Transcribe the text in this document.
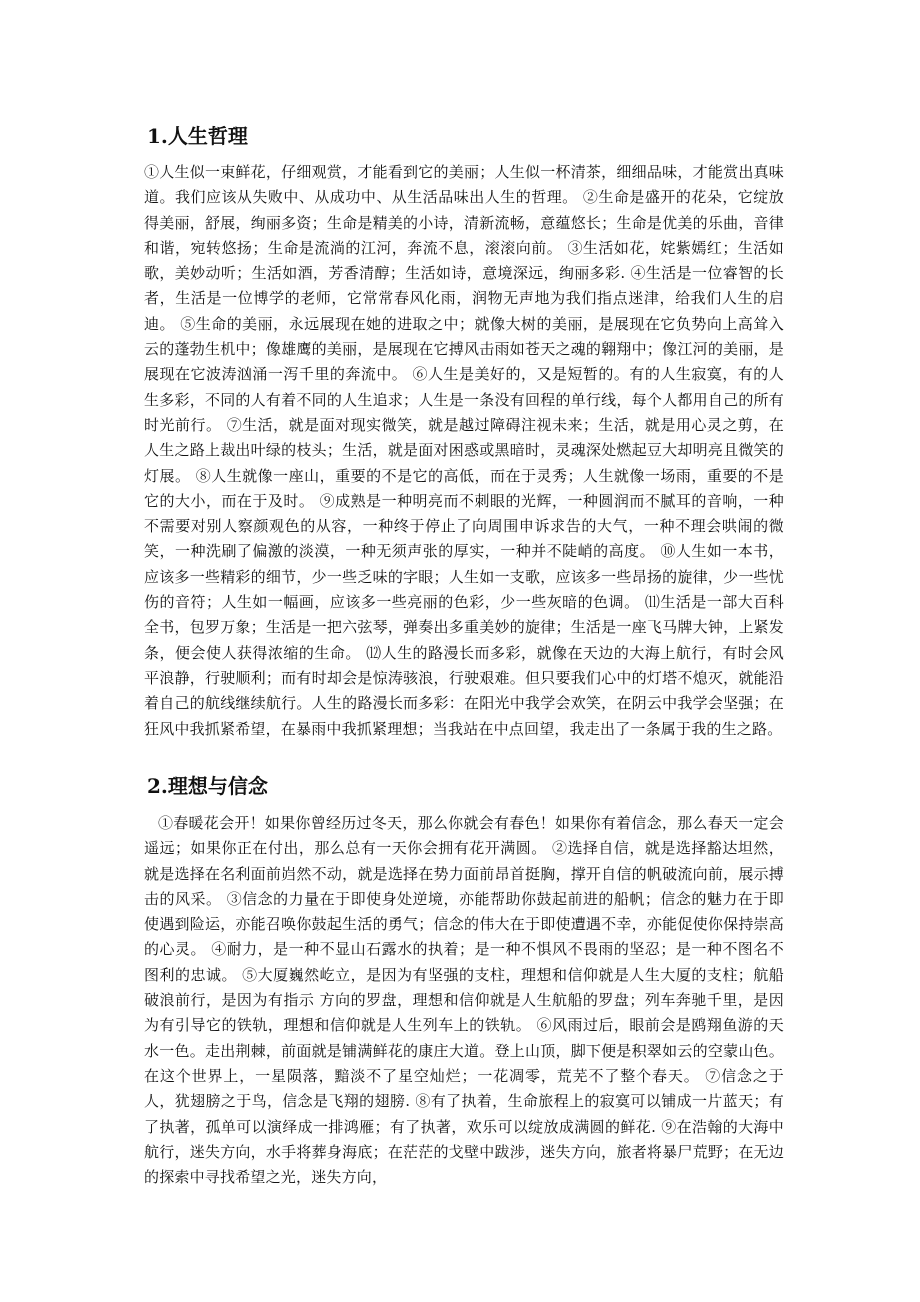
1.人生哲理

①人生似一束鲜花，仔细观赏，才能看到它的美丽；人生似一杯清茶，细细品味，才能赏出真味道。我们应该从失败中、从成功中、从生活品味出人生的哲理。 ②生命是盛开的花朵，它绽放得美丽，舒展，绚丽多资；生命是精美的小诗，清新流畅，意蕴悠长；生命是优美的乐曲，音律和谐，宛转悠扬；生命是流淌的江河，奔流不息，滚滚向前。 ③生活如花，姹紫嫣红；生活如歌，美妙动听；生活如酒，芳香清醇；生活如诗，意境深远，绚丽多彩. ④生活是一位睿智的长者，生活是一位博学的老师，它常常春风化雨，润物无声地为我们指点迷津，给我们人生的启迪。 ⑤生命的美丽，永远展现在她的进取之中；就像大树的美丽，是展现在它负势向上高耸入云的蓬勃生机中；像雄鹰的美丽，是展现在它搏风击雨如苍天之魂的翱翔中；像江河的美丽，是展现在它波涛汹涌一泻千里的奔流中。 ⑥人生是美好的，又是短暂的。有的人生寂寞，有的人生多彩，不同的人有着不同的人生追求；人生是一条没有回程的单行线，每个人都用自己的所有时光前行。 ⑦生活，就是面对现实微笑，就是越过障碍注视未来；生活，就是用心灵之剪，在人生之路上裁出叶绿的枝头；生活，就是面对困惑或黑暗时，灵魂深处燃起豆大却明亮且微笑的灯展。 ⑧人生就像一座山，重要的不是它的高低，而在于灵秀；人生就像一场雨，重要的不是它的大小，而在于及时。 ⑨成熟是一种明亮而不刺眼的光辉，一种圆润而不腻耳的音响，一种不需要对别人察颜观色的从容，一种终于停止了向周围申诉求告的大气，一种不理会哄闹的微笑，一种洗刷了偏激的淡漠，一种无须声张的厚实，一种并不陡峭的高度。 ⑩人生如一本书，应该多一些精彩的细节，少一些乏味的字眼；人生如一支歌，应该多一些昂扬的旋律，少一些忧伤的音符；人生如一幅画，应该多一些亮丽的色彩，少一些灰暗的色调。 ⑾生活是一部大百科全书，包罗万象；生活是一把六弦琴，弹奏出多重美妙的旋律；生活是一座飞马牌大钟，上紧发条，便会使人获得浓缩的生命。 ⑿人生的路漫长而多彩，就像在天边的大海上航行，有时会风平浪静，行驶顺利；而有时却会是惊涛骇浪，行驶艰难。但只要我们心中的灯塔不熄灭，就能沿着自己的航线继续航行。人生的路漫长而多彩：在阳光中我学会欢笑，在阴云中我学会坚强；在狂风中我抓紧希望，在暴雨中我抓紧理想；当我站在中点回望，我走出了一条属于我的生之路。

2.理想与信念

①春暖花会开！如果你曾经历过冬天，那么你就会有春色！如果你有着信念，那么春天一定会遥远；如果你正在付出，那么总有一天你会拥有花开满圆。 ②选择自信，就是选择豁达坦然，就是选择在名利面前岿然不动，就是选择在势力面前昂首挺胸，撑开自信的帆破流向前，展示搏击的风采。 ③信念的力量在于即使身处逆境，亦能帮助你鼓起前进的船帆；信念的魅力在于即使遇到险运，亦能召唤你鼓起生活的勇气；信念的伟大在于即使遭遇不幸，亦能促使你保持崇高的心灵。 ④耐力，是一种不显山石露水的执着；是一种不惧风不畏雨的坚忍；是一种不图名不图利的忠诚。 ⑤大厦巍然屹立，是因为有坚强的支柱，理想和信仰就是人生大厦的支柱；航船破浪前行，是因为有指示 方向的罗盘，理想和信仰就是人生航船的罗盘；列车奔驰千里，是因为有引导它的铁轨，理想和信仰就是人生列车上的铁轨。 ⑥风雨过后，眼前会是鸥翔鱼游的天水一色。走出荆棘，前面就是铺满鲜花的康庄大道。登上山顶，脚下便是积翠如云的空蒙山色。在这个世界上，一星陨落，黯淡不了星空灿烂；一花凋零，荒芜不了整个春天。 ⑦信念之于人，犹翅膀之于鸟，信念是飞翔的翅膀. ⑧有了执着，生命旅程上的寂寞可以铺成一片蓝天；有了执著，孤单可以演绎成一排鸿雁；有了执著，欢乐可以绽放成满圆的鲜花. ⑨在浩翰的大海中航行，迷失方向，水手将葬身海底；在茫茫的戈壁中跋涉，迷失方向，旅者将暴尸荒野；在无边的探索中寻找希望之光，迷失方向，
